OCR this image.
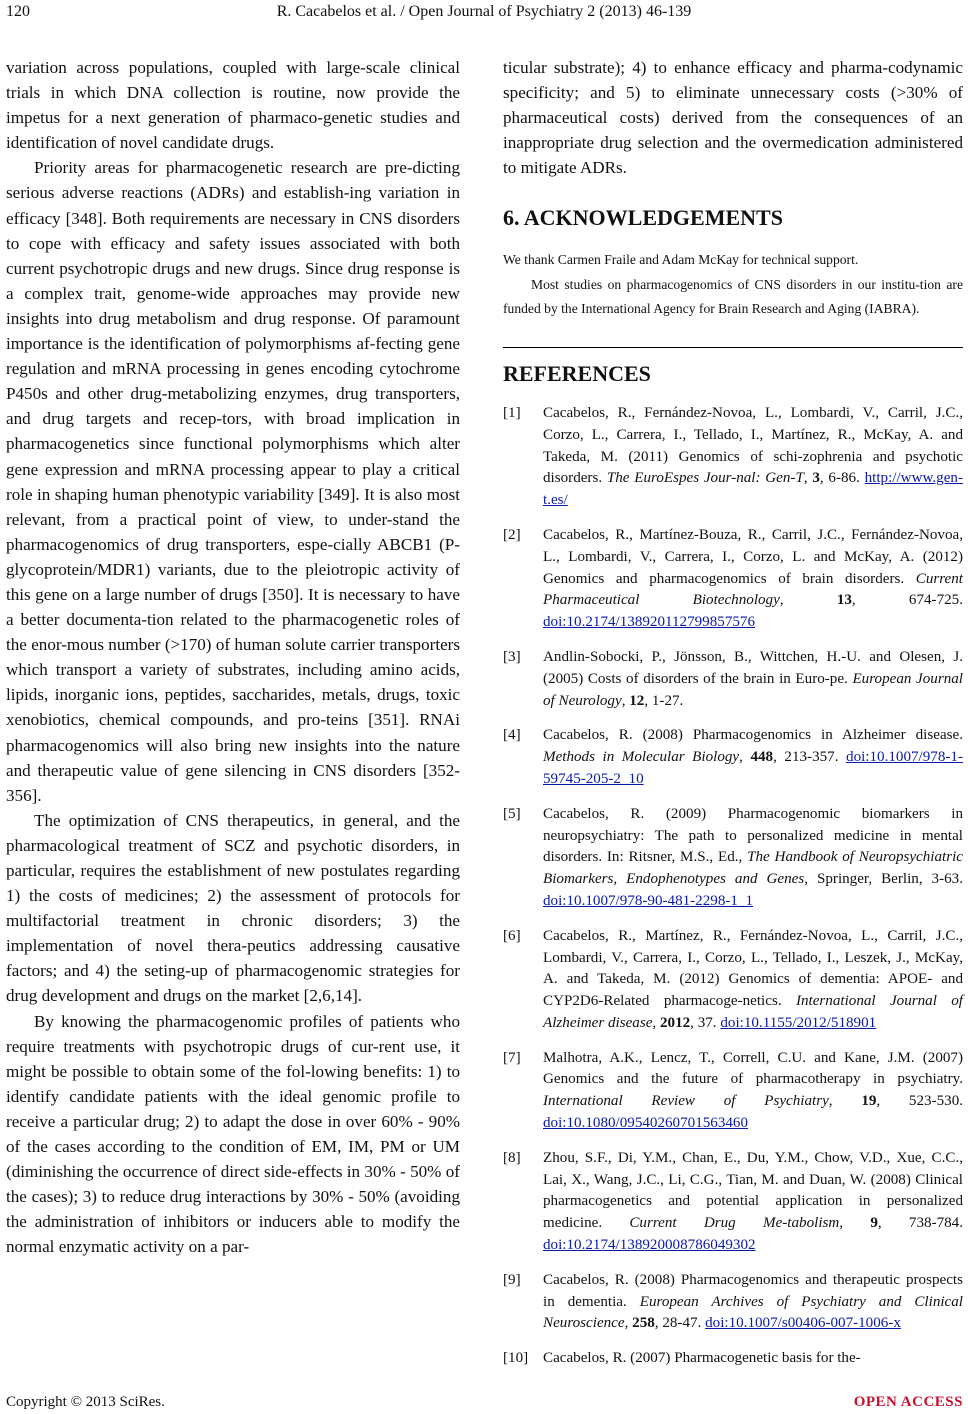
120	R. Cacabelos et al. / Open Journal of Psychiatry 2 (2013) 46-139

variation across populations, coupled with large-scale clinical trials in which DNA collection is routine, now provide the impetus for a next generation of pharmaco-genetic studies and identification of novel candidate drugs.

Priority areas for pharmacogenetic research are pre-dicting serious adverse reactions (ADRs) and establish-ing variation in efficacy [348]. Both requirements are necessary in CNS disorders to cope with efficacy and safety issues associated with both current psychotropic drugs and new drugs. Since drug response is a complex trait, genome-wide approaches may provide new insights into drug metabolism and drug response. Of paramount importance is the identification of polymorphisms af-fecting gene regulation and mRNA processing in genes encoding cytochrome P450s and other drug-metabolizing enzymes, drug transporters, and drug targets and recep-tors, with broad implication in pharmacogenetics since functional polymorphisms which alter gene expression and mRNA processing appear to play a critical role in shaping human phenotypic variability [349]. It is also most relevant, from a practical point of view, to under-stand the pharmacogenomics of drug transporters, espe-cially ABCB1 (P-glycoprotein/MDR1) variants, due to the pleiotropic activity of this gene on a large number of drugs [350]. It is necessary to have a better documenta-tion related to the pharmacogenetic roles of the enor-mous number (>170) of human solute carrier transporters which transport a variety of substrates, including amino acids, lipids, inorganic ions, peptides, saccharides, metals, drugs, toxic xenobiotics, chemical compounds, and pro-teins [351]. RNAi pharmacogenomics will also bring new insights into the nature and therapeutic value of gene silencing in CNS disorders [352-356].

The optimization of CNS therapeutics, in general, and the pharmacological treatment of SCZ and psychotic disorders, in particular, requires the establishment of new postulates regarding 1) the costs of medicines; 2) the assessment of protocols for multifactorial treatment in chronic disorders; 3) the implementation of novel thera-peutics addressing causative factors; and 4) the seting-up of pharmacogenomic strategies for drug development and drugs on the market [2,6,14].

By knowing the pharmacogenomic profiles of patients who require treatments with psychotropic drugs of cur-rent use, it might be possible to obtain some of the fol-lowing benefits: 1) to identify candidate patients with the ideal genomic profile to receive a particular drug; 2) to adapt the dose in over 60% - 90% of the cases according to the condition of EM, IM, PM or UM (diminishing the occurrence of direct side-effects in 30% - 50% of the cases); 3) to reduce drug interactions by 30% - 50% (avoiding the administration of inhibitors or inducers able to modify the normal enzymatic activity on a par-

ticular substrate); 4) to enhance efficacy and pharma-codynamic specificity; and 5) to eliminate unnecessary costs (>30% of pharmaceutical costs) derived from the consequences of an inappropriate drug selection and the overmedication administered to mitigate ADRs.

6. ACKNOWLEDGEMENTS

We thank Carmen Fraile and Adam McKay for technical support.

Most studies on pharmacogenomics of CNS disorders in our institu-tion are funded by the International Agency for Brain Research and Aging (IABRA).

REFERENCES
[1]	Cacabelos, R., Fernández-Novoa, L., Lombardi, V., Carril, J.C., Corzo, L., Carrera, I., Tellado, I., Martínez, R., McKay, A. and Takeda, M. (2011) Genomics of schi-zophrenia and psychotic disorders. The EuroEspes Jour-nal: Gen-T, 3, 6-86. http://www.gen-t.es/
[2]	Cacabelos, R., Martínez-Bouza, R., Carril, J.C., Fernández-Novoa, L., Lombardi, V., Carrera, I., Corzo, L. and McKay, A. (2012) Genomics and pharmacogenomics of brain disorders. Current Pharmaceutical Biotechnology, 13, 674-725. doi:10.2174/138920112799857576
[3]	Andlin-Sobocki, P., Jönsson, B., Wittchen, H.-U. and Olesen, J. (2005) Costs of disorders of the brain in Euro-pe. European Journal of Neurology, 12, 1-27.
[4]	Cacabelos, R. (2008) Pharmacogenomics in Alzheimer disease. Methods in Molecular Biology, 448, 213-357. doi:10.1007/978-1-59745-205-2_10
[5]	Cacabelos, R. (2009) Pharmacogenomic biomarkers in neuropsychiatry: The path to personalized medicine in mental disorders. In: Ritsner, M.S., Ed., The Handbook of Neuropsychiatric Biomarkers, Endophenotypes and Genes, Springer, Berlin, 3-63. doi:10.1007/978-90-481-2298-1_1
[6]	Cacabelos, R., Martínez, R., Fernández-Novoa, L., Carril, J.C., Lombardi, V., Carrera, I., Corzo, L., Tellado, I., Leszek, J., McKay, A. and Takeda, M. (2012) Genomics of dementia: APOE- and CYP2D6-Related pharmacoge-netics. International Journal of Alzheimer disease, 2012, 37. doi:10.1155/2012/518901
[7]	Malhotra, A.K., Lencz, T., Correll, C.U. and Kane, J.M. (2007) Genomics and the future of pharmacotherapy in psychiatry. International Review of Psychiatry, 19, 523-530. doi:10.1080/09540260701563460
[8]	Zhou, S.F., Di, Y.M., Chan, E., Du, Y.M., Chow, V.D., Xue, C.C., Lai, X., Wang, J.C., Li, C.G., Tian, M. and Duan, W. (2008) Clinical pharmacogenetics and potential application in personalized medicine. Current Drug Me-tabolism, 9, 738-784. doi:10.2174/138920008786049302
[9]	Cacabelos, R. (2008) Pharmacogenomics and therapeutic prospects in dementia. European Archives of Psychiatry and Clinical Neuroscience, 258, 28-47. doi:10.1007/s00406-007-1006-x
[10] Cacabelos, R. (2007) Pharmacogenetic basis for the-
Copyright © 2013 SciRes.	OPEN ACCESS
